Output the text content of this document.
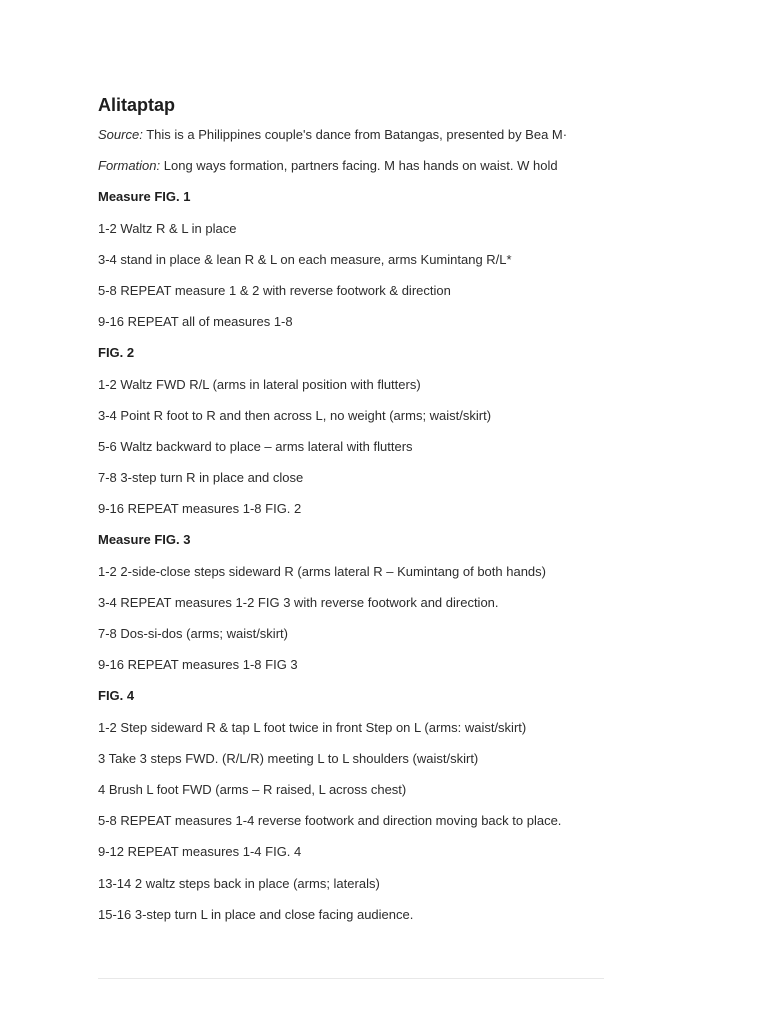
Alitaptap
Source: This is a Philippines couple's dance from Batangas, presented by Bea M·
Formation: Long ways formation, partners facing. M has hands on waist. W hold
Measure FIG. 1
1-2 Waltz R & L in place
3-4 stand in place & lean R & L on each measure, arms Kumintang R/L*
5-8 REPEAT measure 1 & 2 with reverse footwork & direction
9-16 REPEAT all of measures 1-8
FIG. 2
1-2 Waltz FWD R/L (arms in lateral position with flutters)
3-4 Point R foot to R and then across L, no weight (arms; waist/skirt)
5-6 Waltz backward to place – arms lateral with flutters
7-8 3-step turn R in place and close
9-16 REPEAT measures 1-8 FIG. 2
Measure FIG. 3
1-2 2-side-close steps sideward R (arms lateral R – Kumintang of both hands)
3-4 REPEAT measures 1-2 FIG 3 with reverse footwork and direction.
7-8 Dos-si-dos (arms; waist/skirt)
9-16 REPEAT measures 1-8 FIG 3
FIG. 4
1-2 Step sideward R & tap L foot twice in front Step on L (arms: waist/skirt)
3 Take 3 steps FWD. (R/L/R) meeting L to L shoulders (waist/skirt)
4 Brush L foot FWD (arms – R raised, L across chest)
5-8 REPEAT measures 1-4 reverse footwork and direction moving back to place.
9-12 REPEAT measures 1-4 FIG. 4
13-14 2 waltz steps back in place (arms; laterals)
15-16 3-step turn L in place and close facing audience.
